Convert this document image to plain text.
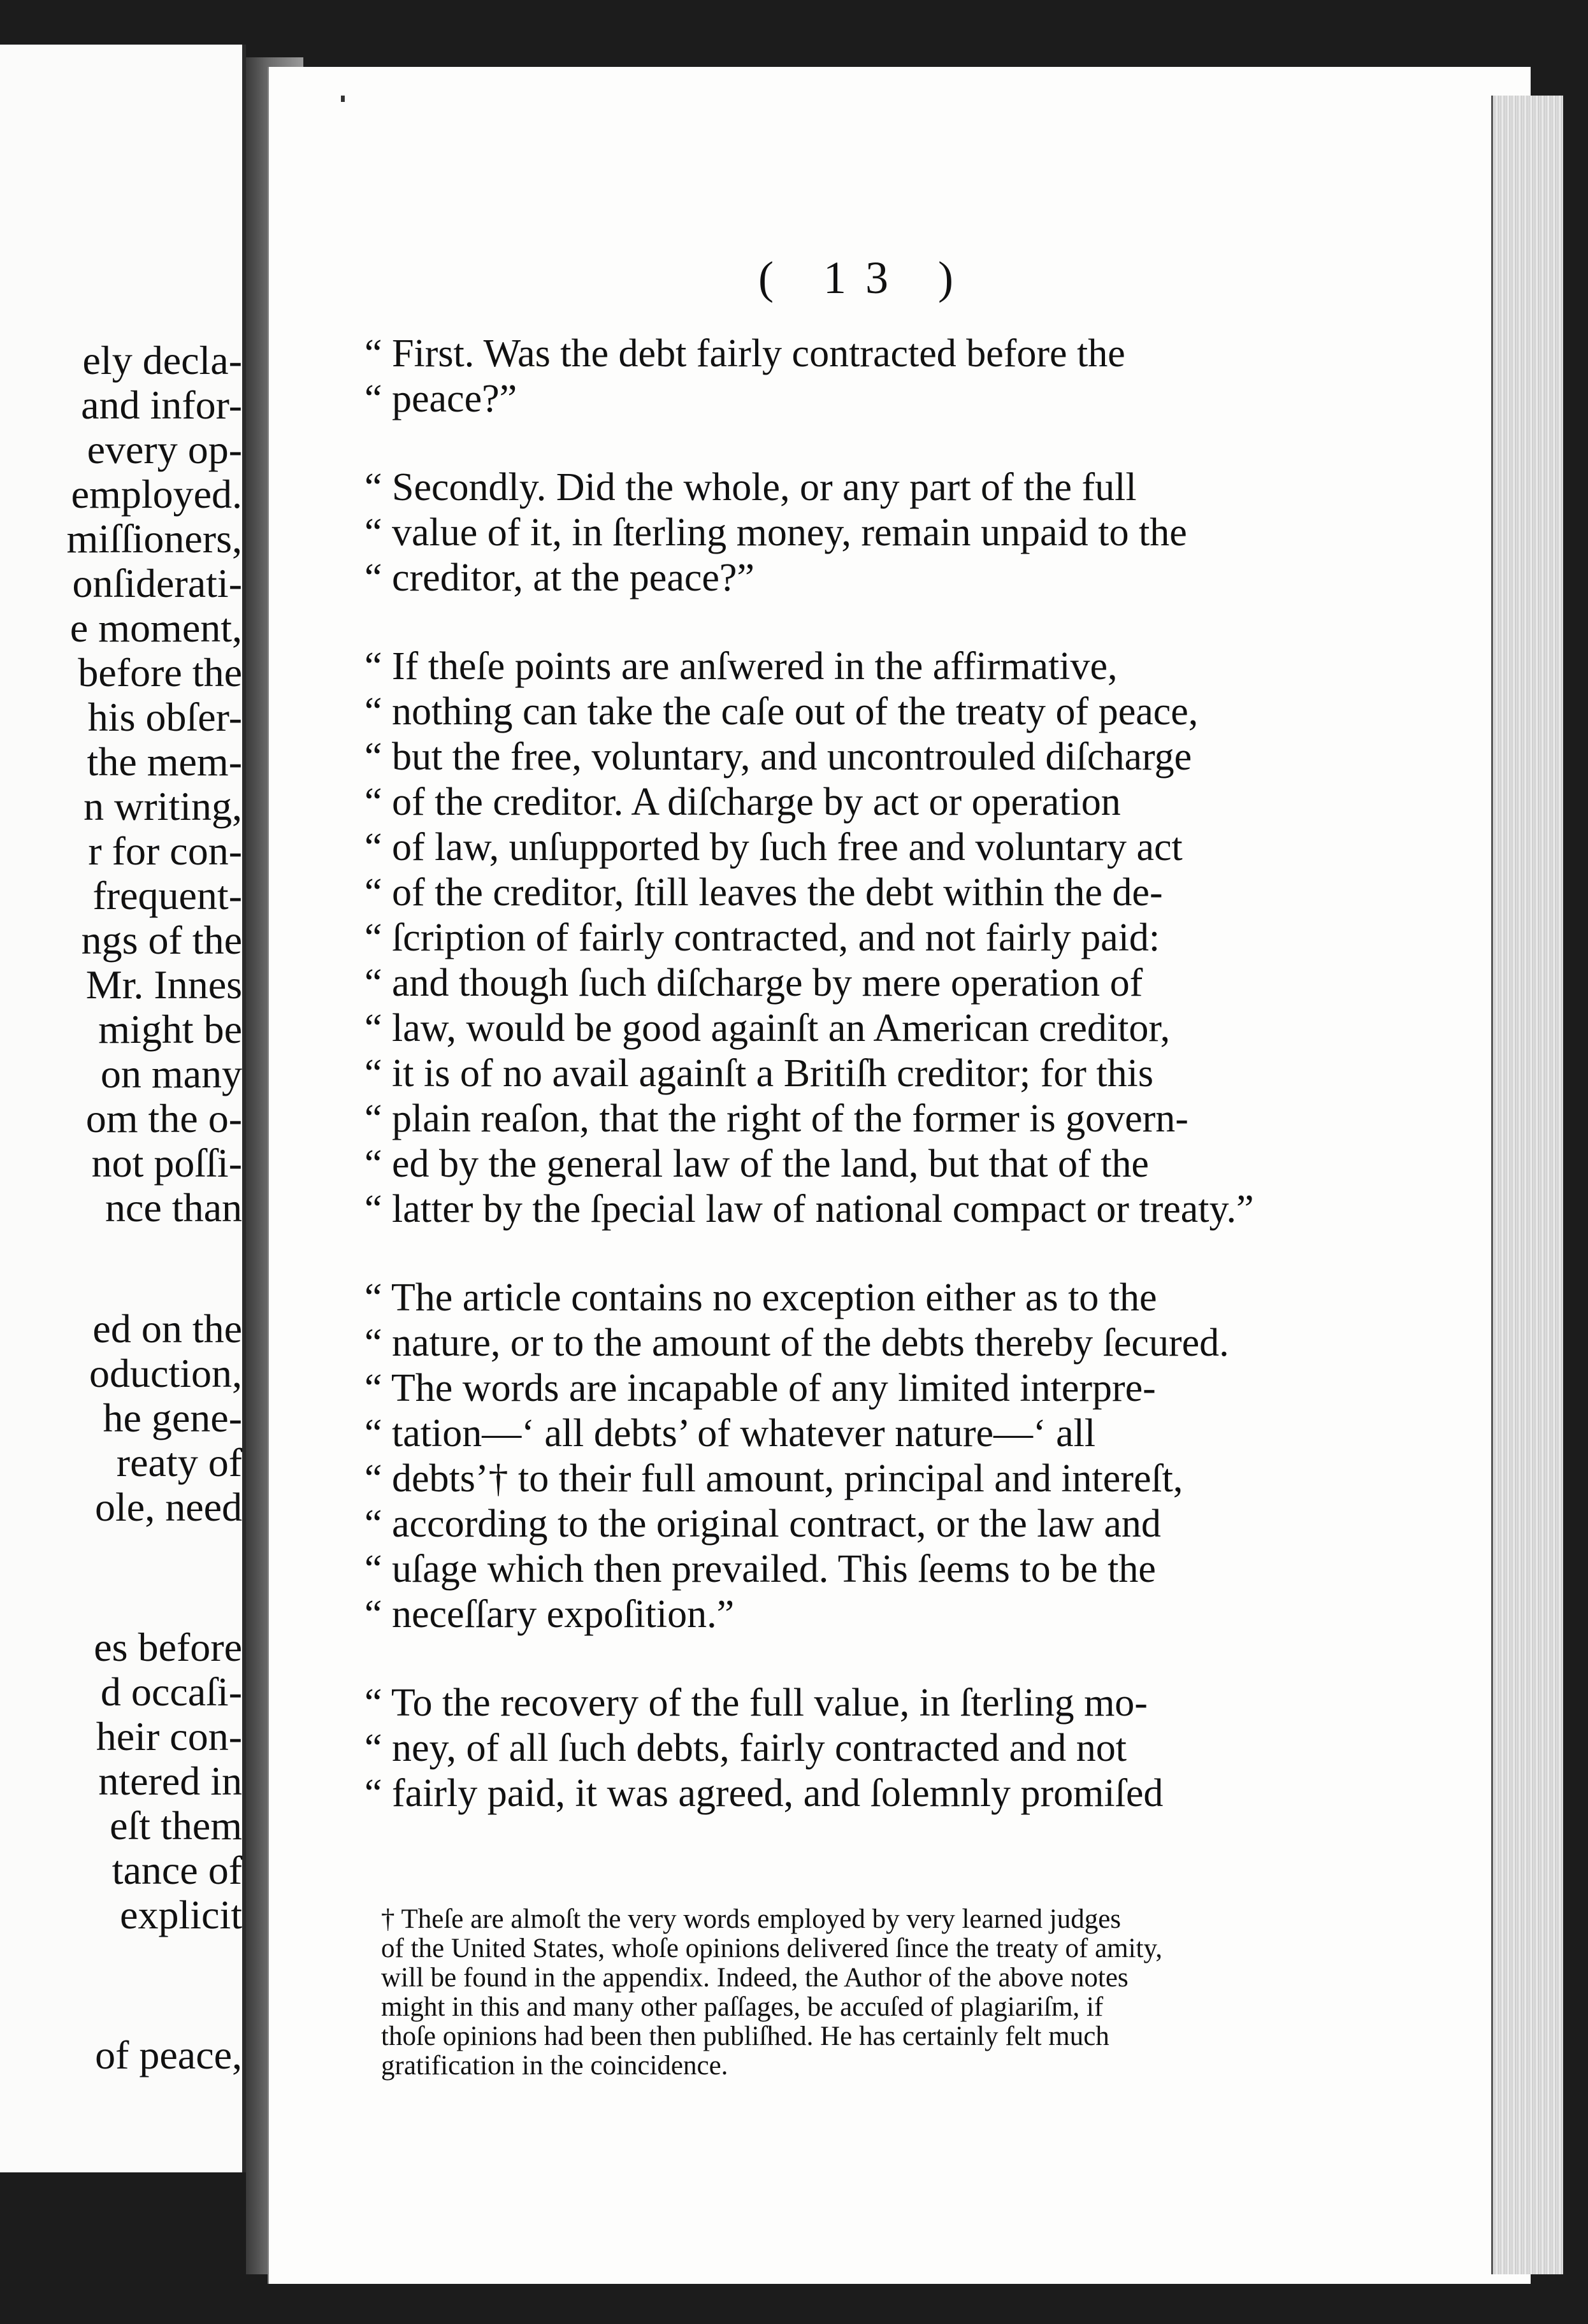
ely decla-
and infor-
every op-
employed.
miſſioners,
onſiderati-
e moment,
before the
his obſer-
the mem-
n writing,
r for con-
frequent-
ngs of the
Mr. Innes
might be
on many
om the o-
not poſſi-
nce than
ed on the
oduction,
he gene-
reaty of
ole, need
es before
d occaſi-
heir con-
ntered in
eſt them
tance of
explicit
of peace,
( 13 )

“ First. Was the debt fairly contracted before the

“ peace?”

“ Secondly. Did the whole, or any part of the full

“ value of it, in ſterling money, remain unpaid to the

“ creditor, at the peace?”

“ If theſe points are anſwered in the affirmative,

“ nothing can take the caſe out of the treaty of peace,

“ but the free, voluntary, and uncontrouled diſcharge

“ of the creditor. A diſcharge by act or operation

“ of law, unſupported by ſuch free and voluntary act

“ of the creditor, ſtill leaves the debt within the de-

“ ſcription of fairly contracted, and not fairly paid:

“ and though ſuch diſcharge by mere operation of

“ law, would be good againſt an American creditor,

“ it is of no avail againſt a Britiſh creditor; for this

“ plain reaſon, that the right of the former is govern-

“ ed by the general law of the land, but that of the

“ latter by the ſpecial law of national compact or treaty.”

“ The article contains no exception either as to the

“ nature, or to the amount of the debts thereby ſecured.

“ The words are incapable of any limited interpre-

“ tation—‘ all debts’ of whatever nature—‘ all

“ debts’† to their full amount, principal and intereſt,

“ according to the original contract, or the law and

“ uſage which then prevailed. This ſeems to be the

“ neceſſary expoſition.”

“ To the recovery of the full value, in ſterling mo-

“ ney, of all ſuch debts, fairly contracted and not

“ fairly paid, it was agreed, and ſolemnly promiſed

† Theſe are almoſt the very words employed by very learned judges

of the United States, whoſe opinions delivered ſince the treaty of amity,

will be found in the appendix. Indeed, the Author of the above notes

might in this and many other paſſages, be accuſed of plagiariſm, if

thoſe opinions had been then publiſhed. He has certainly felt much

gratification in the coincidence.
